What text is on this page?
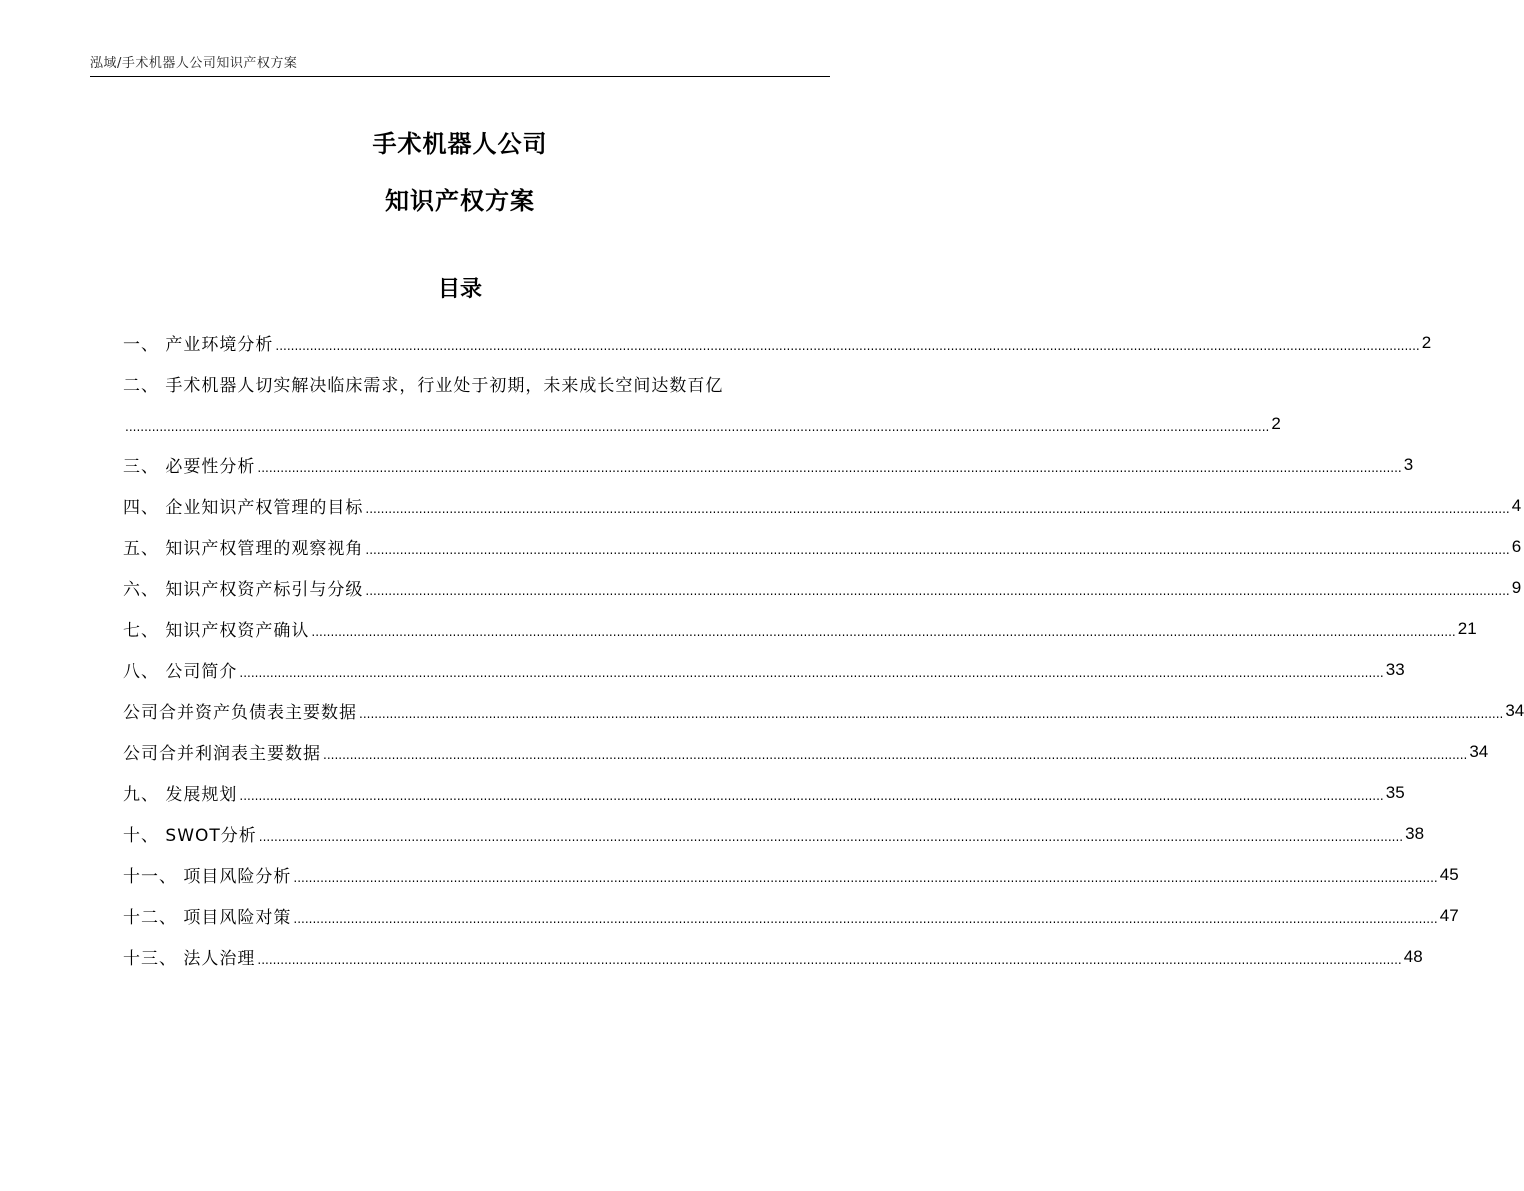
泓域/手术机器人公司知识产权方案
手术机器人公司
知识产权方案
目录
一、 产业环境分析 ............................................................................................................................................................................................................................................................................................................ 2
二、 手术机器人切实解决临床需求，行业处于初期，未来成长空间达数百亿
............................................................................................................................................................................................................................................................................................................ 2
三、 必要性分析 ............................................................................................................................................................................................................................................................................................................ 3
四、 企业知识产权管理的目标 ............................................................................................................................................................................................................................................................................................................ 4
五、 知识产权管理的观察视角 ............................................................................................................................................................................................................................................................................................................ 6
六、 知识产权资产标引与分级 ............................................................................................................................................................................................................................................................................................................ 9
七、 知识产权资产确认 ............................................................................................................................................................................................................................................................................................................ 21
八、 公司简介 ............................................................................................................................................................................................................................................................................................................ 33
公司合并资产负债表主要数据 ............................................................................................................................................................................................................................................................................................................ 34
公司合并利润表主要数据 ............................................................................................................................................................................................................................................................................................................ 34
九、 发展规划 ............................................................................................................................................................................................................................................................................................................ 35
十、 SWOT分析 ............................................................................................................................................................................................................................................................................................................ 38
十一、 项目风险分析 ............................................................................................................................................................................................................................................................................................................ 45
十二、 项目风险对策 ............................................................................................................................................................................................................................................................................................................ 47
十三、 法人治理 ............................................................................................................................................................................................................................................................................................................ 48
